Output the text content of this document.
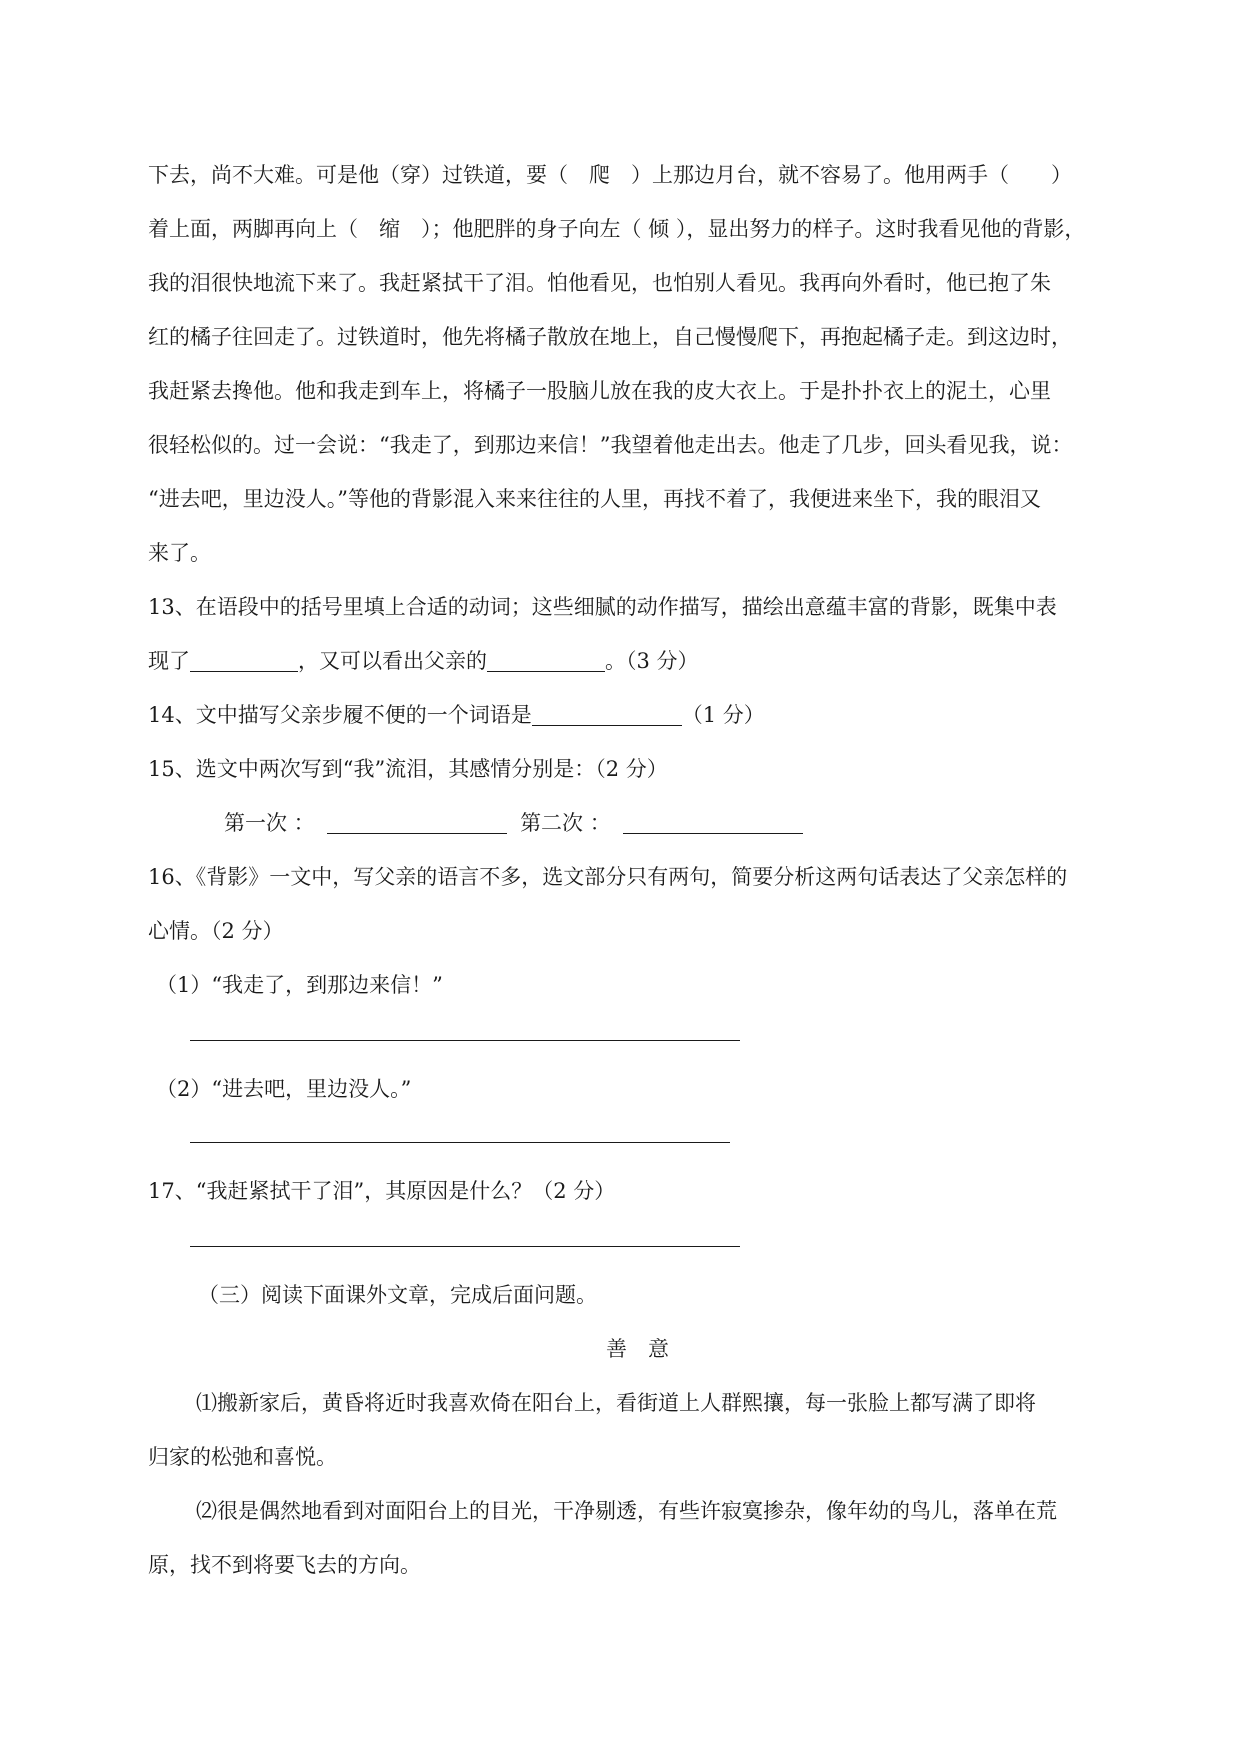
下去，尚不大难。可是他（穿）过铁道，要（　爬　）上那边月台，就不容易了。他用两手（　　）
着上面，两脚再向上（　缩　）；他肥胖的身子向左（ 倾 ），显出努力的样子。这时我看见他的背影，
我的泪很快地流下来了。我赶紧拭干了泪。怕他看见，也怕别人看见。我再向外看时，他已抱了朱
红的橘子往回走了。过铁道时，他先将橘子散放在地上，自己慢慢爬下，再抱起橘子走。到这边时，
我赶紧去搀他。他和我走到车上，将橘子一股脑儿放在我的皮大衣上。于是扑扑衣上的泥土，心里
很轻松似的。过一会说：“我走了，到那边来信！”我望着他走出去。他走了几步，回头看见我，说：
“进去吧，里边没人。”等他的背影混入来来往往的人里，再找不着了，我便进来坐下，我的眼泪又
来了。
13、在语段中的括号里填上合适的动词；这些细腻的动作描写，描绘出意蕴丰富的背影，既集中表
现了	，又可以看出父亲的	。（3 分）
14、文中描写父亲步履不便的一个词语是	（1 分）
15、选文中两次写到“我”流泪，其感情分别是：（2 分）
第一次 ：	第二次 ：
16、《背影》一文中，写父亲的语言不多，选文部分只有两句，简要分析这两句话表达了父亲怎样的
心情。（2 分）
（1）“我走了，到那边来信！”
（2）“进去吧，里边没人。”
17、“我赶紧拭干了泪”，其原因是什么？（2 分）
（三）阅读下面课外文章，完成后面问题。
善　意
⑴搬新家后，黄昏将近时我喜欢倚在阳台上，看街道上人群熙攘，每一张脸上都写满了即将
归家的松弛和喜悦。
⑵很是偶然地看到对面阳台上的目光，干净剔透，有些许寂寞掺杂，像年幼的鸟儿，落单在荒
原，找不到将要飞去的方向。
